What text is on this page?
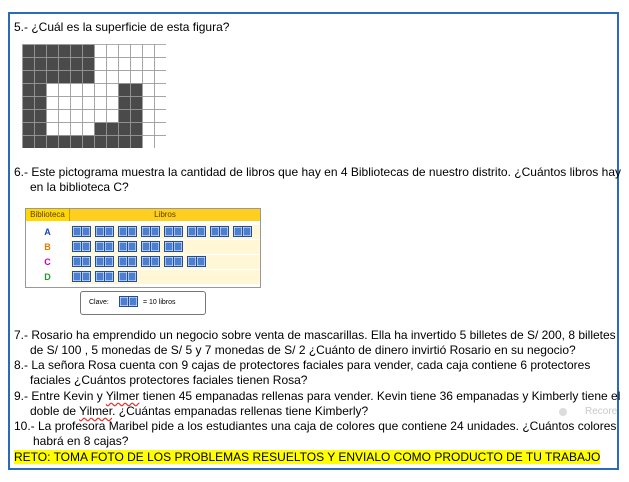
5.- ¿Cuál es la superficie de esta figura?
6.- Este pictograma muestra la cantidad de libros que hay en 4 Bibliotecas de nuestro distrito. ¿Cuántos libros hay
en la biblioteca C?
Biblioteca	Libros
A
B
C
D
Clave:	= 10 libros
7.- Rosario ha emprendido un negocio sobre venta de mascarillas. Ella ha invertido 5 billetes de S/ 200, 8 billetes
de S/ 100 , 5 monedas de S/ 5 y 7 monedas de S/ 2 ¿Cuánto de dinero invirtió Rosario en su negocio?
8.- La señora Rosa cuenta con 9 cajas de protectores faciales para vender, cada caja contiene 6 protectores
faciales ¿Cuántos protectores faciales tienen Rosa?
9.- Entre Kevin y Yilmer tienen 45 empanadas rellenas para vender. Kevin tiene 36 empanadas y Kimberly tiene el
doble de Yilmer. ¿Cuántas empanadas rellenas tiene Kimberly?
10.- La profesora Maribel pide a los estudiantes una caja de colores que contiene 24 unidades. ¿Cuántos colores
habrá en 8 cajas?
RETO: TOMA FOTO DE LOS PROBLEMAS RESUELTOS Y ENVIALO COMO PRODUCTO DE TU TRABAJO
Recore
